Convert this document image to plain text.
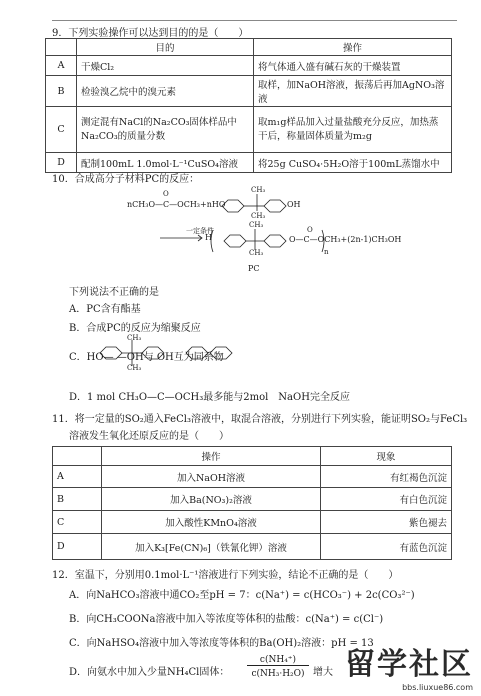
9．下列实验操作可以达到目的的是（　　）
	目的	操作
A	干燥Cl₂	将气体通入盛有碱石灰的干燥装置
B	检验溴乙烷中的溴元素	取样，加NaOH溶液，振荡后再加AgNO₃溶液
C	测定混有NaCl的Na₂CO₃固体样品中Na₂CO₃的质量分数	取m₁g样品加入过量盐酸充分反应，加热蒸干后，称量固体质量为m₂g
D	配制100mL 1.0mol·L⁻¹CuSO₄溶液	将25g CuSO₄·5H₂O溶于100mL蒸馏水中
10．合成高分子材料PC的反应：
nCH₃O—C—OCH₃+nHO
O	CH₃
CH₃
OH
一定条件
H
CH₃
CH₃
O—C—OCH₃+(2n-1)CH₃OH
O
n
PC
下列说法不正确的是
A．PC含有酯基
B．合成PC的反应为缩聚反应
C．HO— —OH与 OH互为同系物
CH₃
CH₃
D．1 mol CH₃O—C—OCH₃最多能与2mol　NaOH完全反应
11．将一定量的SO₂通入FeCl₃溶液中，取混合溶液，分别进行下列实验，能证明SO₂与FeCl₃
溶液发生氧化还原反应的是（　　）
	操作	现象
A	加入NaOH溶液	有红褐色沉淀
B	加入Ba(NO₃)₂溶液	有白色沉淀
C	加入酸性KMnO₄溶液	紫色褪去
D	加入K₃[Fe(CN)₆]（铁氰化钾）溶液	有蓝色沉淀
12．室温下，分别用0.1mol·L⁻¹溶液进行下列实验，结论不正确的是（　　）
A．向NaHCO₃溶液中通CO₂至pH = 7：c(Na⁺) = c(HCO₃⁻) + 2c(CO₃²⁻)
B．向CH₃COONa溶液中加入等浓度等体积的盐酸：c(Na⁺) = c(Cl⁻)
C．向NaHSO₄溶液中加入等浓度等体积的Ba(OH)₂溶液：pH = 13
D．向氨水中加入少量NH₄Cl固体：
c(NH₄⁺)
c(NH₃·H₂O) 增大 留学社区
bbs.liuxue86.com
